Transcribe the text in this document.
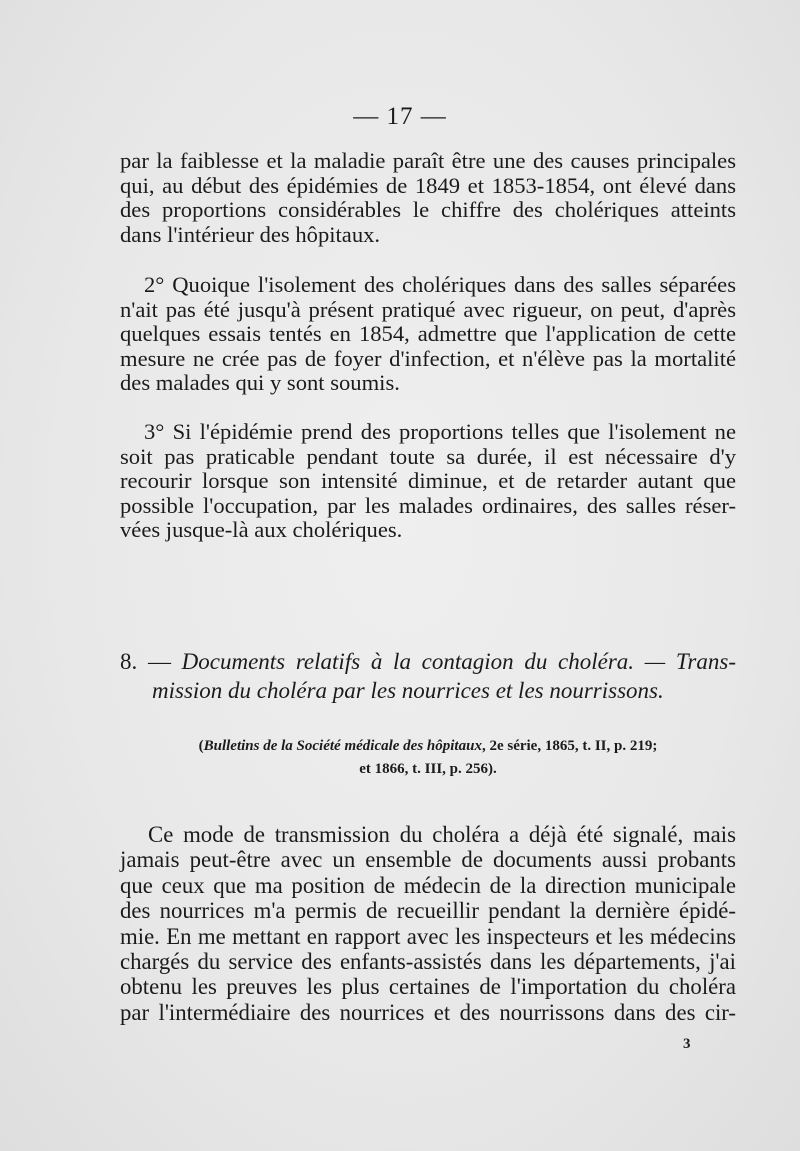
— 17 —

par la faiblesse et la maladie paraît être une des causes principales
qui, au début des épidémies de 1849 et 1853-1854, ont élevé dans
des proportions considérables le chiffre des cholériques atteints
dans l'intérieur des hôpitaux.

2° Quoique l'isolement des cholériques dans des salles séparées
n'ait pas été jusqu'à présent pratiqué avec rigueur, on peut, d'après
quelques essais tentés en 1854, admettre que l'application de cette
mesure ne crée pas de foyer d'infection, et n'élève pas la mortalité
des malades qui y sont soumis.

3° Si l'épidémie prend des proportions telles que l'isolement ne
soit pas praticable pendant toute sa durée, il est nécessaire d'y
recourir lorsque son intensité diminue, et de retarder autant que
possible l'occupation, par les malades ordinaires, des salles réser-
vées jusque-là aux cholériques.

8. — Documents relatifs à la contagion du choléra. — Trans-
mission du choléra par les nourrices et les nourrissons.
(Bulletins de la Société médicale des hôpitaux, 2e série, 1865, t. II, p. 219;
et 1866, t. III, p. 256).

Ce mode de transmission du choléra a déjà été signalé, mais
jamais peut-être avec un ensemble de documents aussi probants
que ceux que ma position de médecin de la direction municipale
des nourrices m'a permis de recueillir pendant la dernière épidé-
mie. En me mettant en rapport avec les inspecteurs et les médecins
chargés du service des enfants-assistés dans les départements, j'ai
obtenu les preuves les plus certaines de l'importation du choléra
par l'intermédiaire des nourrices et des nourrissons dans des cir-

3
